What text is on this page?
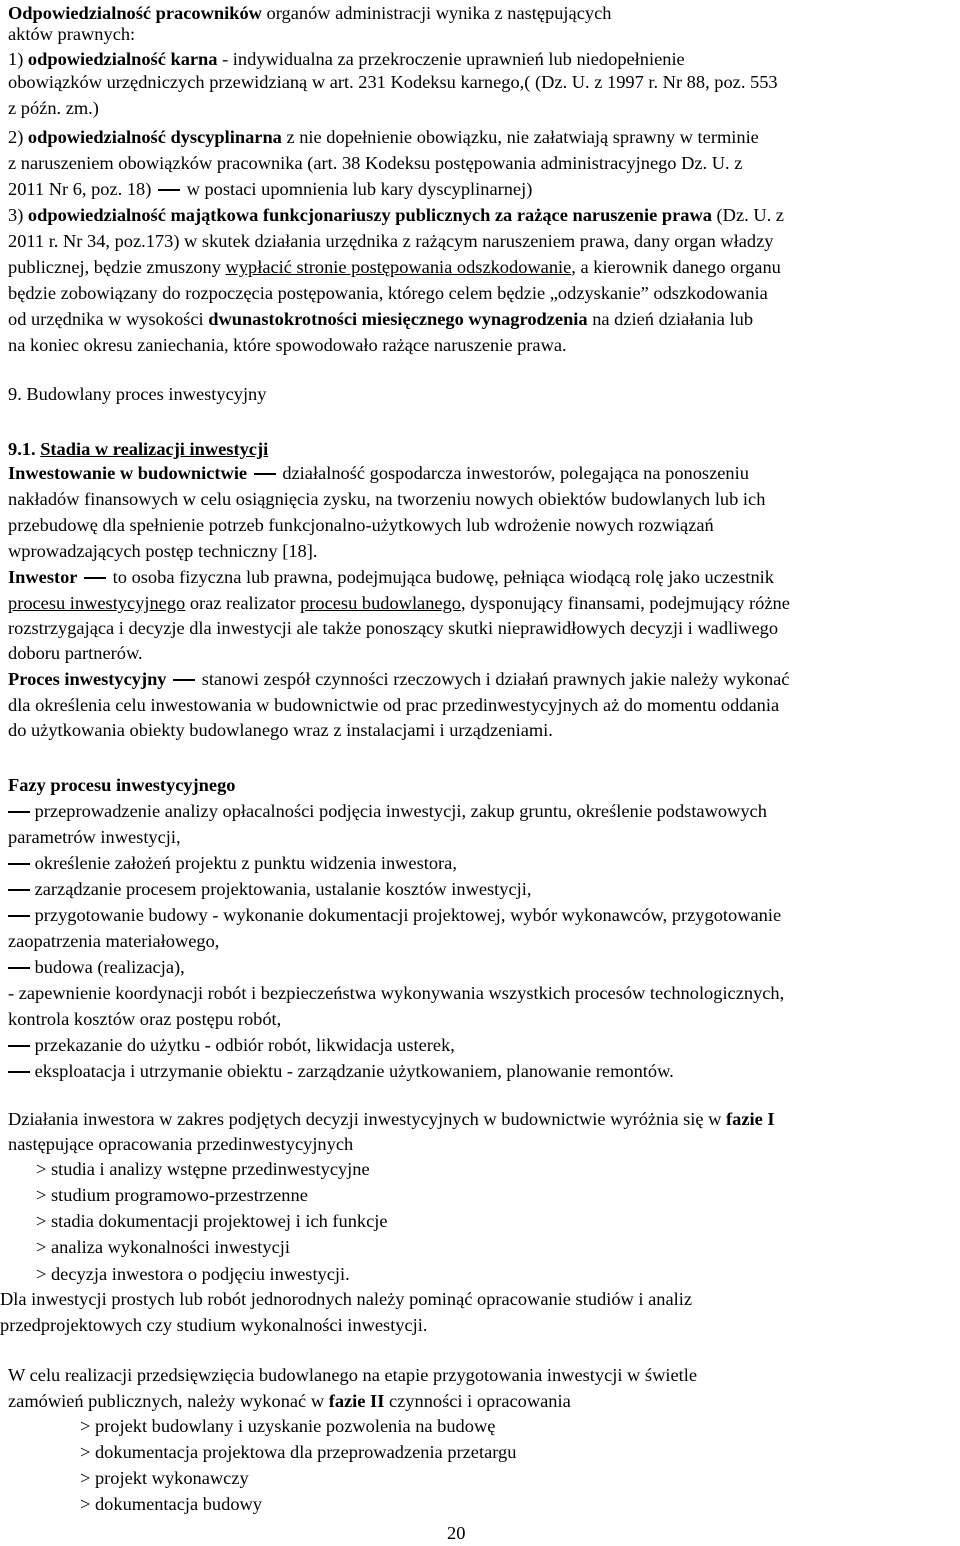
Odpowiedzialność pracowników organów administracji wynika z następujących
aktów prawnych:
1) odpowiedzialność karna - indywidualna za przekroczenie uprawnień lub niedopełnienie
obowiązków urzędniczych przewidzianą w art. 231 Kodeksu karnego,( (Dz. U. z 1997 r. Nr 88, poz. 553
z późn. zm.)
2) odpowiedzialność dyscyplinarna z nie dopełnienie obowiązku, nie załatwiają sprawny w terminie
z naruszeniem obowiązków pracownika (art. 38 Kodeksu postępowania administracyjnego Dz. U. z
2011 Nr 6, poz. 18)  w postaci upomnienia lub kary dyscyplinarnej)
3) odpowiedzialność majątkowa funkcjonariuszy publicznych za rażące naruszenie prawa (Dz. U. z
2011 r. Nr 34, poz.173) w skutek działania urzędnika z rażącym naruszeniem prawa, dany organ władzy
publicznej, będzie zmuszony wypłacić stronie postępowania odszkodowanie, a kierownik danego organu
będzie zobowiązany do rozpoczęcia postępowania, którego celem będzie „odzyskanie” odszkodowania
od urzędnika w wysokości dwunastokrotności miesięcznego wynagrodzenia na dzień działania lub
na koniec okresu zaniechania, które spowodowało rażące naruszenie prawa.
9. Budowlany proces inwestycyjny
9.1. Stadia w realizacji inwestycji
Inwestowanie w budownictwie  działalność gospodarcza inwestorów, polegająca na ponoszeniu
nakładów finansowych w celu osiągnięcia zysku, na tworzeniu nowych obiektów budowlanych lub ich
przebudowę dla spełnienie potrzeb funkcjonalno-użytkowych lub wdrożenie nowych rozwiązań
wprowadzających postęp techniczny [18].
Inwestor  to osoba fizyczna lub prawna, podejmująca budowę, pełniąca wiodącą rolę jako uczestnik
procesu inwestycyjnego oraz realizator procesu budowlanego, dysponujący finansami, podejmujący różne
rozstrzygająca i decyzje dla inwestycji ale także ponoszący skutki nieprawidłowych decyzji i wadliwego
doboru partnerów.
Proces inwestycyjny  stanowi zespół czynności rzeczowych i działań prawnych jakie należy wykonać
dla określenia celu inwestowania w budownictwie od prac przedinwestycyjnych aż do momentu oddania
do użytkowania obiekty budowlanego wraz z instalacjami i urządzeniami.
Fazy procesu inwestycyjnego
przeprowadzenie analizy opłacalności podjęcia inwestycji, zakup gruntu, określenie podstawowych
parametrów inwestycji,
określenie założeń projektu z punktu widzenia inwestora,
zarządzanie procesem projektowania, ustalanie kosztów inwestycji,
przygotowanie budowy - wykonanie dokumentacji projektowej, wybór wykonawców, przygotowanie
zaopatrzenia materiałowego,
budowa (realizacja),
- zapewnienie koordynacji robót i bezpieczeństwa wykonywania wszystkich procesów technologicznych,
kontrola kosztów oraz postępu robót,
przekazanie do użytku - odbiór robót, likwidacja usterek,
eksploatacja i utrzymanie obiektu - zarządzanie użytkowaniem, planowanie remontów.
Działania inwestora w zakres podjętych decyzji inwestycyjnych w budownictwie wyróżnia się w fazie I
następujące opracowania przedinwestycyjnych
> studia i analizy wstępne przedinwestycyjne
> studium programowo-przestrzenne
> stadia dokumentacji projektowej i ich funkcje
> analiza wykonalności inwestycji
> decyzja inwestora o podjęciu inwestycji.
Dla inwestycji prostych lub robót jednorodnych należy pominąć opracowanie studiów i analiz
przedprojektowych czy studium wykonalności inwestycji.
W celu realizacji przedsięwzięcia budowlanego na etapie przygotowania inwestycji w świetle
zamówień publicznych, należy wykonać w fazie II czynności i opracowania
> projekt budowlany i uzyskanie pozwolenia na budowę
> dokumentacja projektowa dla przeprowadzenia przetargu
> projekt wykonawczy
> dokumentacja budowy
20
